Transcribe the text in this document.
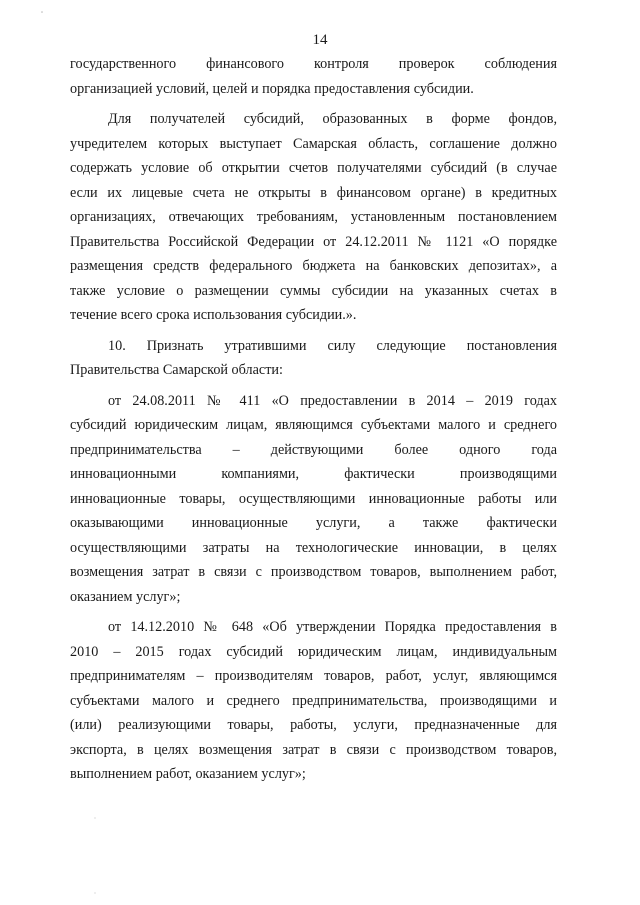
14
государственного финансового контроля проверок соблюдения
организацией условий, целей и порядка предоставления субсидии.
Для получателей субсидий, образованных в форме фондов,
учредителем которых выступает Самарская область, соглашение должно
содержать условие об открытии счетов получателями субсидий (в случае
если их лицевые счета не открыты в финансовом органе) в кредитных
организациях, отвечающих требованиям, установленным постановлением
Правительства Российской Федерации от 24.12.2011 № 1121 «О порядке
размещения средств федерального бюджета на банковских депозитах», а
также условие о размещении суммы субсидии на указанных счетах в
течение всего срока использования субсидии.».
10. Признать утратившими силу следующие постановления
Правительства Самарской области:
от 24.08.2011 № 411 «О предоставлении в 2014 – 2019 годах
субсидий юридическим лицам, являющимся субъектами малого и среднего
предпринимательства – действующими более одного года
инновационными компаниями, фактически производящими
инновационные товары, осуществляющими инновационные работы или
оказывающими инновационные услуги, а также фактически
осуществляющими затраты на технологические инновации, в целях
возмещения затрат в связи с производством товаров, выполнением работ,
оказанием услуг»;
от 14.12.2010 № 648 «Об утверждении Порядка предоставления в
2010 – 2015 годах субсидий юридическим лицам, индивидуальным
предпринимателям – производителям товаров, работ, услуг, являющимся
субъектами малого и среднего предпринимательства, производящими и
(или) реализующими товары, работы, услуги, предназначенные для
экспорта, в целях возмещения затрат в связи с производством товаров,
выполнением работ, оказанием услуг»;
